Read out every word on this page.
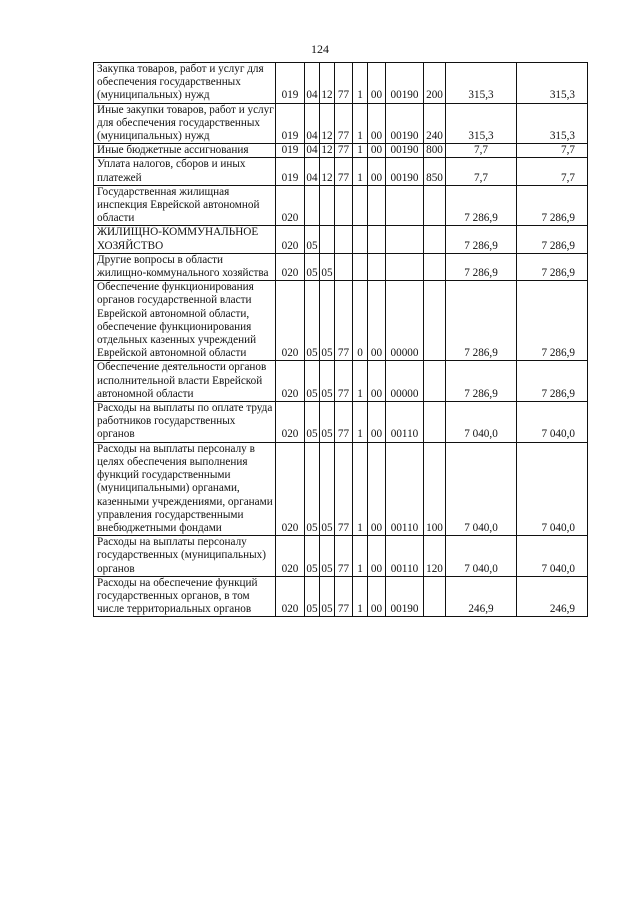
124
Закупка товаров, работ и услуг для обеспечения государственных (муниципальных) нужд	019	04	12	77	1	00	00190	200	315,3	315,3
Иные закупки товаров, работ и услуг для обеспечения государственных (муниципальных) нужд	019	04	12	77	1	00	00190	240	315,3	315,3
Иные бюджетные ассигнования	019	04	12	77	1	00	00190	800	7,7	7,7
Уплата налогов, сборов и иных платежей	019	04	12	77	1	00	00190	850	7,7	7,7
Государственная жилищная инспекция Еврейской автономной области	020								7 286,9	7 286,9
ЖИЛИЩНО-КОММУНАЛЬНОЕ ХОЗЯЙСТВО	020	05							7 286,9	7 286,9
Другие вопросы в области жилищно-коммунального хозяйства	020	05	05						7 286,9	7 286,9
Обеспечение функционирования органов государственной власти Еврейской автономной области, обеспечение функционирования отдельных казенных учреждений Еврейской автономной области	020	05	05	77	0	00	00000		7 286,9	7 286,9
Обеспечение деятельности органов исполнительной власти Еврейской автономной области	020	05	05	77	1	00	00000		7 286,9	7 286,9
Расходы на выплаты по оплате труда работников государственных органов	020	05	05	77	1	00	00110		7 040,0	7 040,0
Расходы на выплаты персоналу в целях обеспечения выполнения функций государственными (муниципальными) органами, казенными учреждениями, органами управления государственными внебюджетными фондами	020	05	05	77	1	00	00110	100	7 040,0	7 040,0
Расходы на выплаты персоналу государственных (муниципальных) органов	020	05	05	77	1	00	00110	120	7 040,0	7 040,0
Расходы на обеспечение функций государственных органов, в том числе территориальных органов	020	05	05	77	1	00	00190		246,9	246,9
